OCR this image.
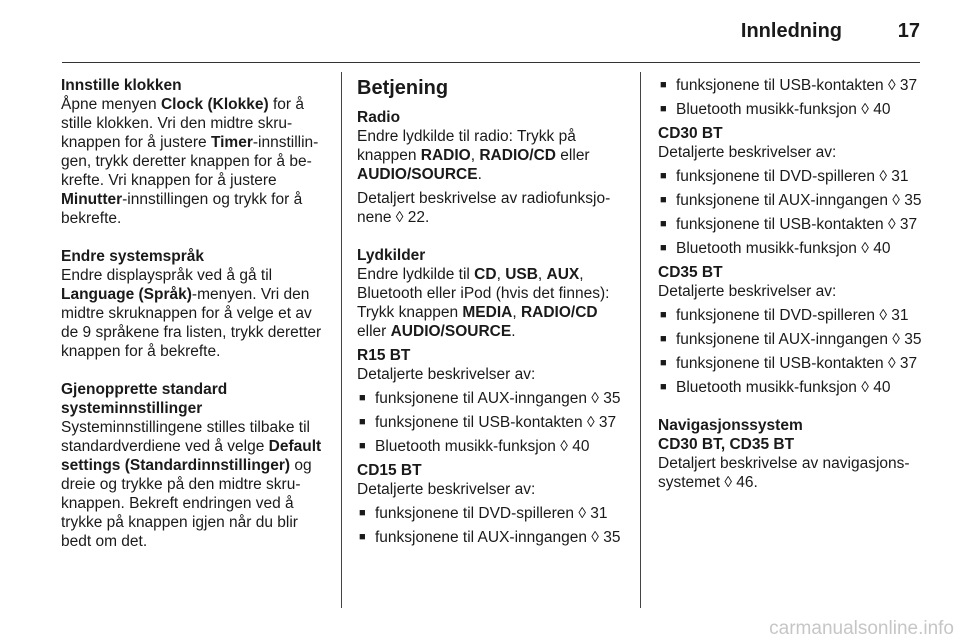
Innledning	17
Innstille klokken

Åpne menyen Clock (Klokke) for å stille klokken. Vri den midtre skru-knappen for å justere Timer-innstillin-gen, trykk deretter knappen for å be-krefte. Vri knappen for å justere Minutter-innstillingen og trykk for å bekrefte.

Endre systemspråk

Endre displayspråk ved å gå til Language (Språk)-menyen. Vri den midtre skruknappen for å velge et av de 9 språkene fra listen, trykk deretter knappen for å bekrefte.

Gjenopprette standard
systeminnstillinger

Systeminnstillingene stilles tilbake til standardverdiene ved å velge Default settings (Standardinnstillinger) og dreie og trykke på den midtre skru-knappen. Bekreft endringen ved å trykke på knappen igjen når du blir bedt om det.

Betjening
Radio

Endre lydkilde til radio: Trykk på knappen RADIO, RADIO/CD eller AUDIO/SOURCE.

Detaljert beskrivelse av radiofunksjo-nene ◊ 22.

Lydkilder

Endre lydkilde til CD, USB, AUX, Bluetooth eller iPod (hvis det finnes): Trykk knappen MEDIA, RADIO/CD eller AUDIO/SOURCE.

R15 BT

Detaljerte beskrivelser av:

■ funksjonene til AUX-inngangen ◊ 35
■ funksjonene til USB-kontakten ◊ 37
■ Bluetooth musikk-funksjon ◊ 40
CD15 BT

Detaljerte beskrivelser av:

■ funksjonene til DVD-spilleren ◊ 31
■ funksjonene til AUX-inngangen ◊ 35
■ funksjonene til USB-kontakten ◊ 37
■ Bluetooth musikk-funksjon ◊ 40
CD30 BT

Detaljerte beskrivelser av:

■ funksjonene til DVD-spilleren ◊ 31
■ funksjonene til AUX-inngangen ◊ 35
■ funksjonene til USB-kontakten ◊ 37
■ Bluetooth musikk-funksjon ◊ 40
CD35 BT

Detaljerte beskrivelser av:

■ funksjonene til DVD-spilleren ◊ 31
■ funksjonene til AUX-inngangen ◊ 35
■ funksjonene til USB-kontakten ◊ 37
■ Bluetooth musikk-funksjon ◊ 40
Navigasjonssystem
CD30 BT, CD35 BT

Detaljert beskrivelse av navigasjons-systemet ◊ 46.

carmanualsonline.info
